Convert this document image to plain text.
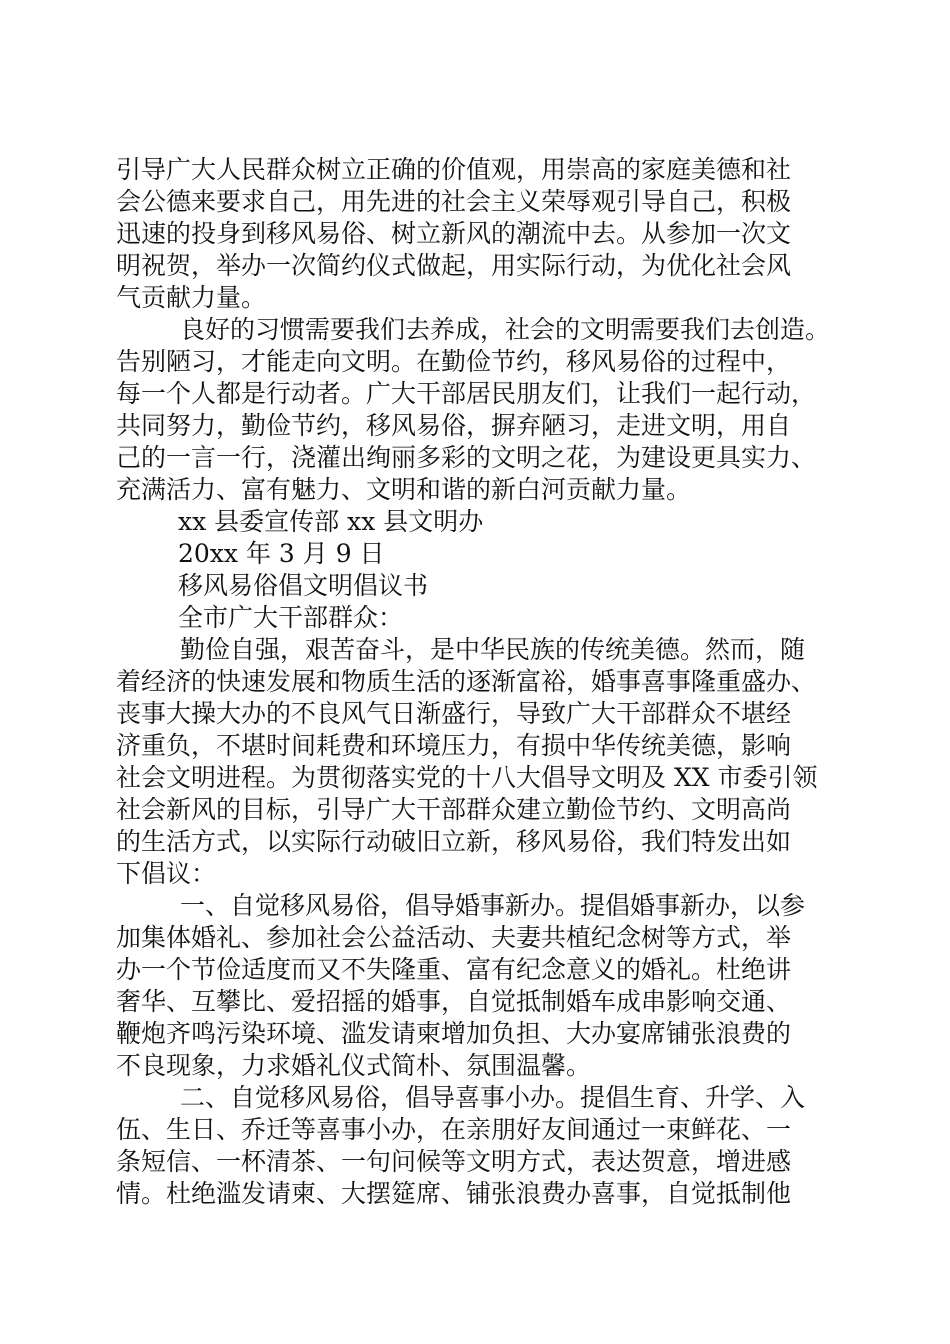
引导广大人民群众树立正确的价值观，用崇高的家庭美德和社

会公德来要求自己，用先进的社会主义荣辱观引导自己，积极

迅速的投身到移风易俗、树立新风的潮流中去。从参加一次文

明祝贺，举办一次简约仪式做起，用实际行动，为优化社会风

气贡献力量。

良好的习惯需要我们去养成，社会的文明需要我们去创造。

告别陋习，才能走向文明。在勤俭节约，移风易俗的过程中，

每一个人都是行动者。广大干部居民朋友们，让我们一起行动，

共同努力，勤俭节约，移风易俗，摒弃陋习，走进文明，用自

己的一言一行，浇灌出绚丽多彩的文明之花，为建设更具实力、

充满活力、富有魅力、文明和谐的新白河贡献力量。

xx 县委宣传部 xx 县文明办

20xx 年 3 月 9 日

移风易俗倡文明倡议书

全市广大干部群众：

勤俭自强，艰苦奋斗，是中华民族的传统美德。然而，随

着经济的快速发展和物质生活的逐渐富裕，婚事喜事隆重盛办、

丧事大操大办的不良风气日渐盛行，导致广大干部群众不堪经

济重负，不堪时间耗费和环境压力，有损中华传统美德，影响

社会文明进程。为贯彻落实党的十八大倡导文明及 XX 市委引领

社会新风的目标，引导广大干部群众建立勤俭节约、文明高尚

的生活方式，以实际行动破旧立新，移风易俗，我们特发出如

下倡议：

一、自觉移风易俗，倡导婚事新办。提倡婚事新办，以参

加集体婚礼、参加社会公益活动、夫妻共植纪念树等方式，举

办一个节俭适度而又不失隆重、富有纪念意义的婚礼。杜绝讲

奢华、互攀比、爱招摇的婚事，自觉抵制婚车成串影响交通、

鞭炮齐鸣污染环境、滥发请柬增加负担、大办宴席铺张浪费的

不良现象，力求婚礼仪式简朴、氛围温馨。

二、自觉移风易俗，倡导喜事小办。提倡生育、升学、入

伍、生日、乔迁等喜事小办，在亲朋好友间通过一束鲜花、一

条短信、一杯清茶、一句问候等文明方式，表达贺意，增进感

情。杜绝滥发请柬、大摆筵席、铺张浪费办喜事，自觉抵制他
